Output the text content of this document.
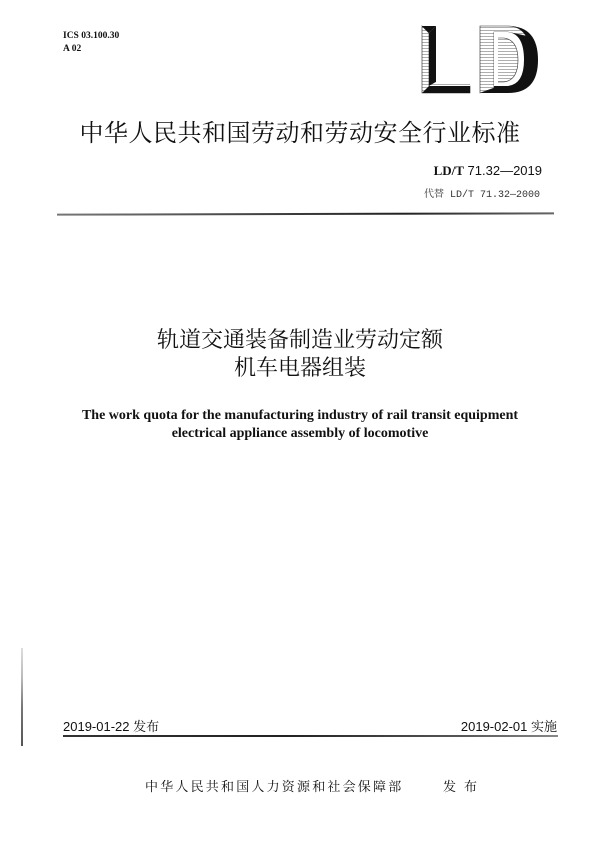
ICS 03.100.30
A 02
中华人民共和国劳动和劳动安全行业标准
LD/T 71.32—2019
代替 LD/T 71.32—2000
轨道交通装备制造业劳动定额
机车电器组装
The work quota for the manufacturing industry of rail transit equipment
electrical appliance assembly of locomotive
2019-01-22 发布	2019-02-01 实施
中华人民共和国人力资源和社会保障部	发布
